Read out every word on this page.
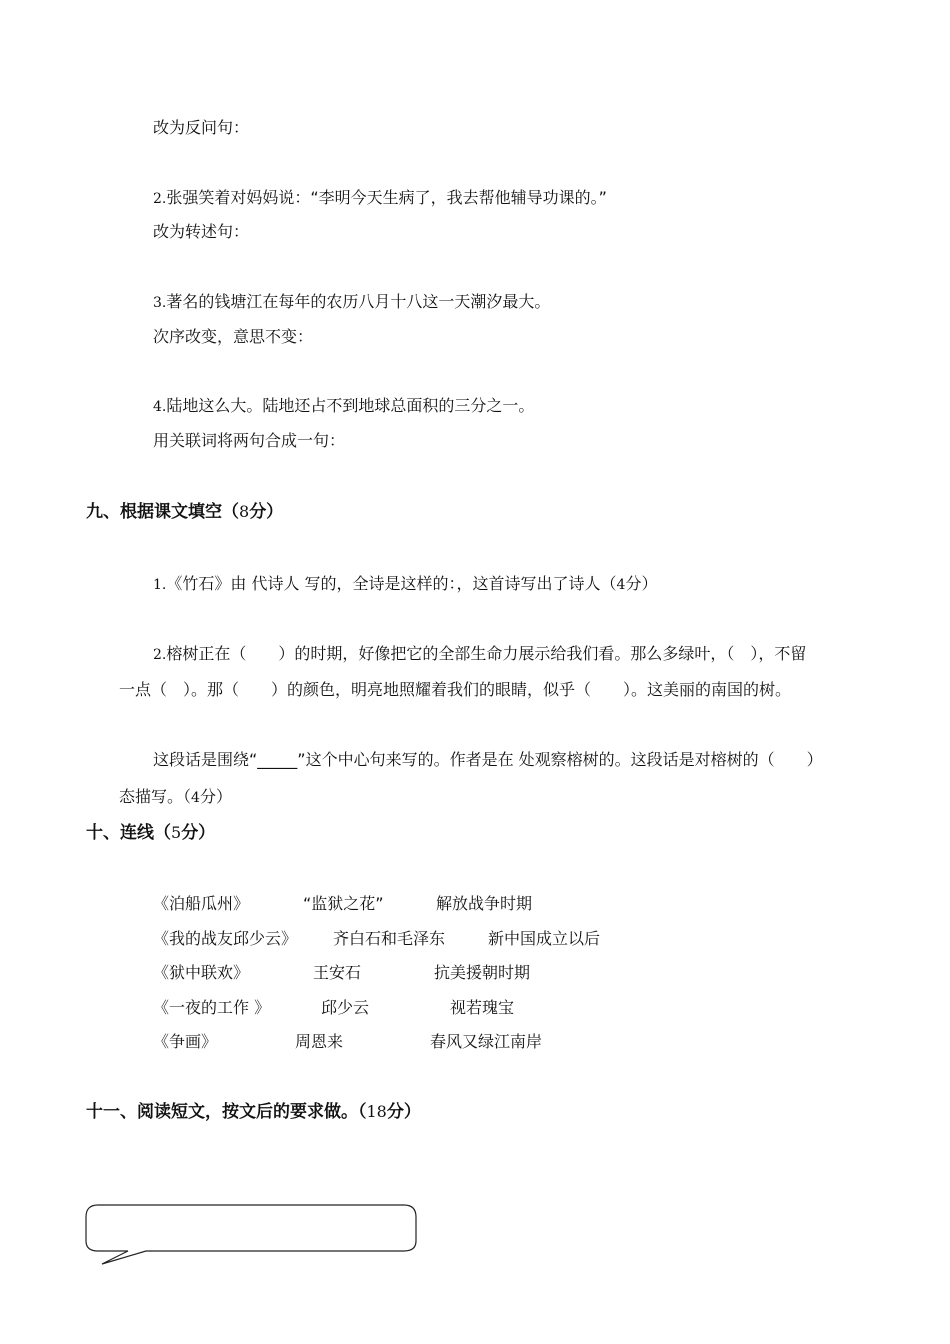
改为反问句：
2.张强笑着对妈妈说：“李明今天生病了，我去帮他辅导功课的。”
改为转述句：
3.著名的钱塘江在每年的农历八月十八这一天潮汐最大。
次序改变，意思不变：
4.陆地这么大。陆地还占不到地球总面积的三分之一。
用关联词将两句合成一句：
九、根据课文填空（8分）
1.《竹石》由 代诗人 写的，全诗是这样的：，这首诗写出了诗人（4分）
2.榕树正在（　　）的时期，好像把它的全部生命力展示给我们看。那么多绿叶，（　），不留
一点（　）。那（　　）的颜色，明亮地照耀着我们的眼睛，似乎（　　）。这美丽的南国的树。
这段话是围绕“_____”这个中心句来写的。作者是在 处观察榕树的。这段话是对榕树的（　　）
态描写。（4分）
十、连线（5分）
《泊船瓜州》	“监狱之花”	解放战争时期
《我的战友邱少云》 齐白石和毛泽东	新中国成立以后
《狱中联欢》	王安石	抗美援朝时期
《一夜的工作 》	邱少云	视若瑰宝
《争画》	周恩来	春风又绿江南岸
十一、阅读短文，按文后的要求做。（18分）
